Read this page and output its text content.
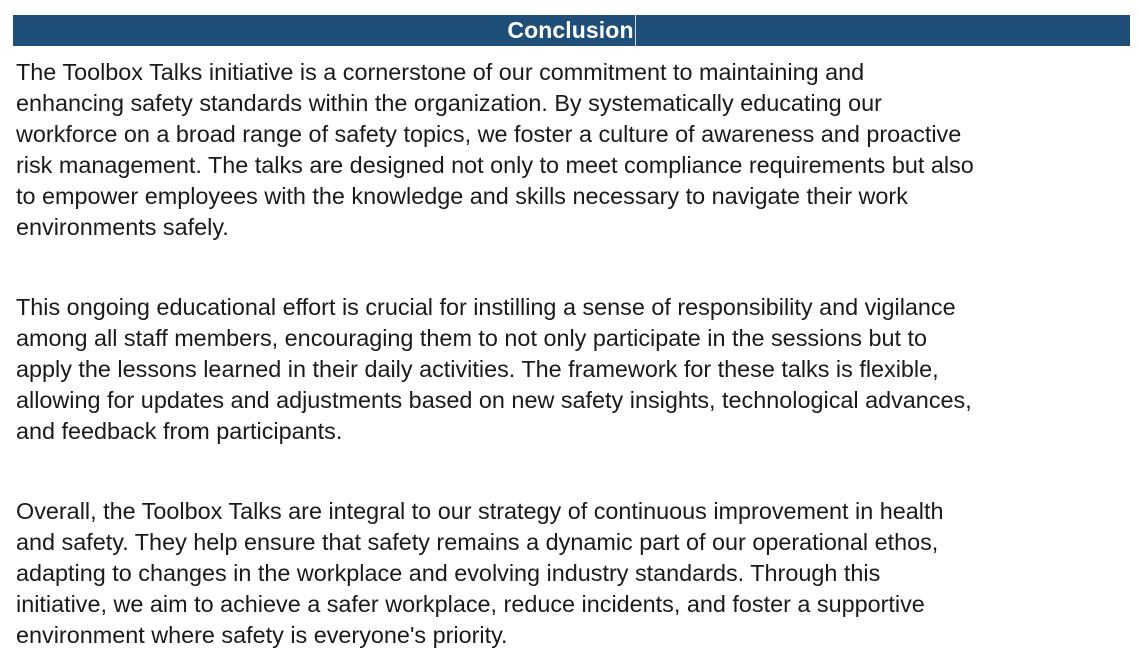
Conclusion

The Toolbox Talks initiative is a cornerstone of our commitment to maintaining and
enhancing safety standards within the organization. By systematically educating our
workforce on a broad range of safety topics, we foster a culture of awareness and proactive
risk management. The talks are designed not only to meet compliance requirements but also
to empower employees with the knowledge and skills necessary to navigate their work
environments safely.

This ongoing educational effort is crucial for instilling a sense of responsibility and vigilance
among all staff members, encouraging them to not only participate in the sessions but to
apply the lessons learned in their daily activities. The framework for these talks is flexible,
allowing for updates and adjustments based on new safety insights, technological advances,
and feedback from participants.

Overall, the Toolbox Talks are integral to our strategy of continuous improvement in health
and safety. They help ensure that safety remains a dynamic part of our operational ethos,
adapting to changes in the workplace and evolving industry standards. Through this
initiative, we aim to achieve a safer workplace, reduce incidents, and foster a supportive
environment where safety is everyone's priority.
